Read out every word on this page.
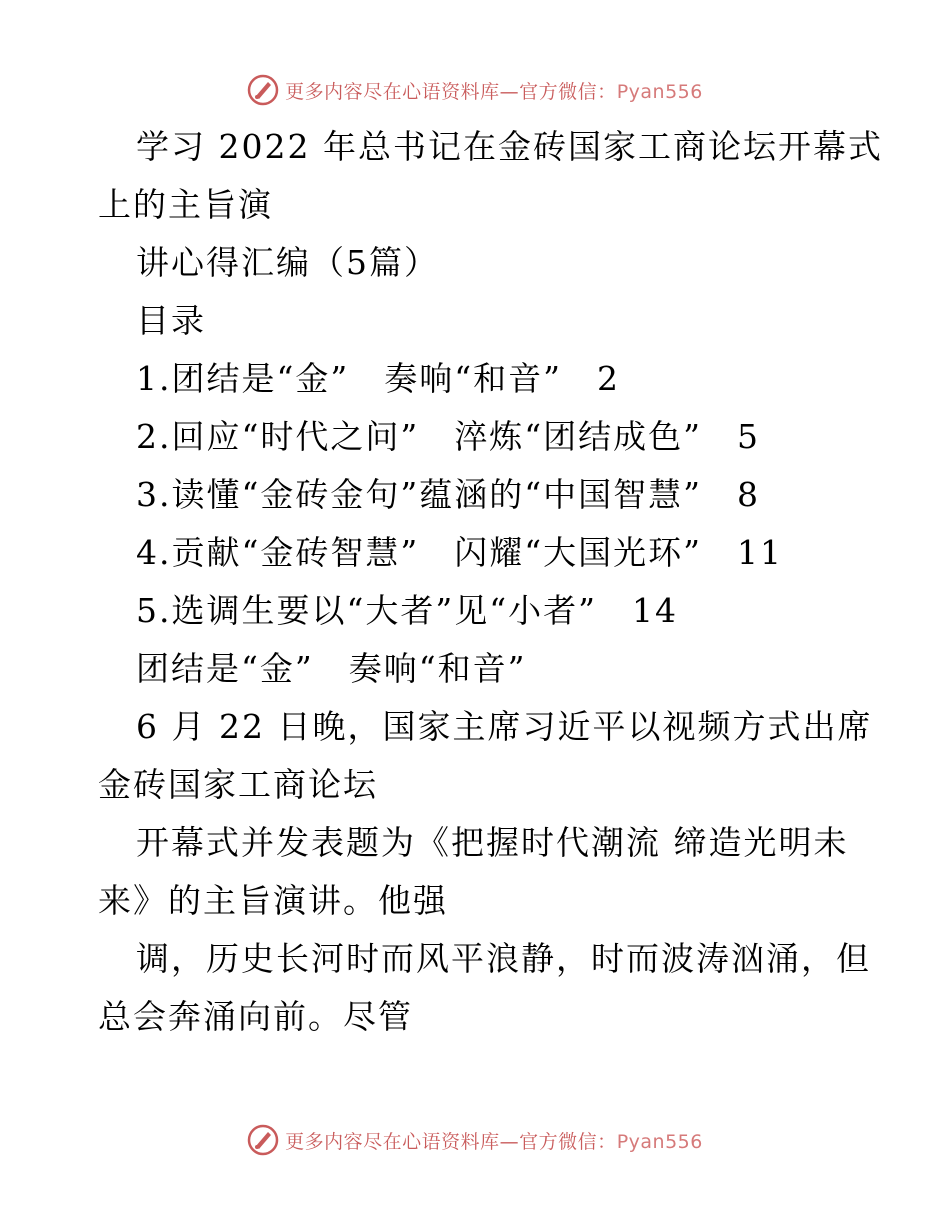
更多内容尽在心语资料库—官方微信：Pyan556
学习 2022 年总书记在金砖国家工商论坛开幕式
上的主旨演
讲心得汇编（5篇）
目录
1.团结是“金”　奏响“和音”　2
2.回应“时代之问”　淬炼“团结成色”　5
3.读懂“金砖金句”蕴涵的“中国智慧”　8
4.贡献“金砖智慧”　闪耀“大国光环”　11
5.选调生要以“大者”见“小者”　14
团结是“金”　奏响“和音”
6 月 22 日晚，国家主席习近平以视频方式出席
金砖国家工商论坛
开幕式并发表题为《把握时代潮流 缔造光明未
来》的主旨演讲。他强
调，历史长河时而风平浪静，时而波涛汹涌，但
总会奔涌向前。尽管
更多内容尽在心语资料库—官方微信：Pyan556
